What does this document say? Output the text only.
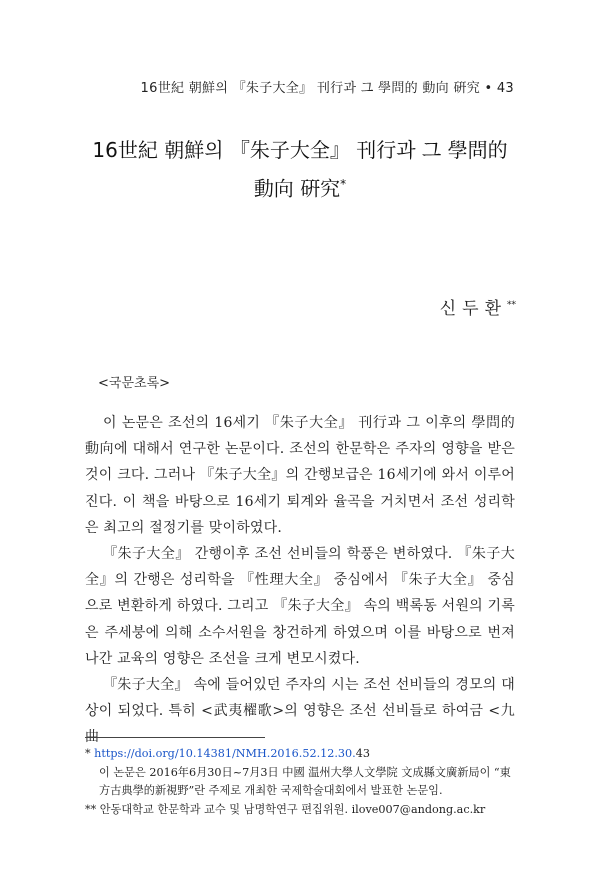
16世紀 朝鮮의 『朱子大全』 刊行과 그 學問的 動向 硏究 • 43
16世紀 朝鮮의 『朱子大全』 刊行과 그 學問的
動向 硏究*
신두환**
<국문초록>

이 논문은 조선의 16세기 『朱子大全』 刊行과 그 이후의 學問的 動向에 대해서 연구한 논문이다. 조선의 한문학은 주자의 영향을 받은 것이 크다. 그러나 『朱子大全』의 간행보급은 16세기에 와서 이루어진다. 이 책을 바탕으로 16세기 퇴계와 율곡을 거치면서 조선 성리학은 최고의 절정기를 맞이하였다.

『朱子大全』 간행이후 조선 선비들의 학풍은 변하였다. 『朱子大全』의 간행은 성리학을 『性理大全』 중심에서 『朱子大全』 중심으로 변환하게 하였다. 그리고 『朱子大全』 속의 백록동 서원의 기록은 주세붕에 의해 소수서원을 창건하게 하였으며 이를 바탕으로 번져나간 교육의 영향은 조선을 크게 변모시켰다.

『朱子大全』 속에 들어있던 주자의 시는 조선 선비들의 경모의 대상이 되었다. 특히 <武夷櫂歌>의 영향은 조선 선비들로 하여금 <九曲

* https://doi.org/10.14381/NMH.2016.52.12.30.43
이 논문은 2016年6月30日~7月3日 中國 温州大學人文學院 文成縣文廣新局이 “東
方古典學的新視野”란 주제로 개최한 국제학술대회에서 발표한 논문임.
** 안동대학교 한문학과 교수 및 남명학연구 편집위원. ilove007@andong.ac.kr
